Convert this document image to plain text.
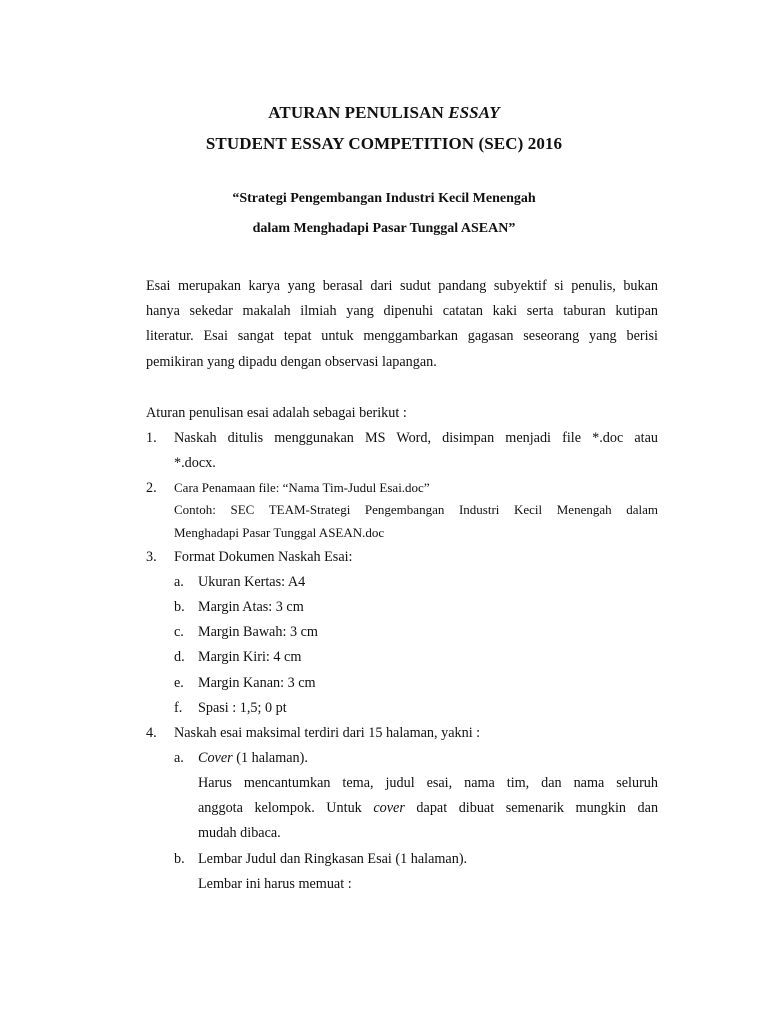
ATURAN PENULISAN ESSAY
STUDENT ESSAY COMPETITION (SEC) 2016
“Strategi Pengembangan Industri Kecil Menengah
dalam Menghadapi Pasar Tunggal ASEAN”
Esai merupakan karya yang berasal dari sudut pandang subyektif si penulis, bukan
hanya sekedar makalah ilmiah yang dipenuhi catatan kaki serta taburan kutipan
literatur. Esai sangat tepat untuk menggambarkan gagasan seseorang yang berisi
pemikiran yang dipadu dengan observasi lapangan.
Aturan penulisan esai adalah sebagai berikut :
1. Naskah ditulis menggunakan MS Word, disimpan menjadi file *.doc atau
*.docx.
2. Cara Penamaan file: “Nama Tim-Judul Esai.doc”
Contoh: SEC TEAM-Strategi Pengembangan Industri Kecil Menengah dalam
Menghadapi Pasar Tunggal ASEAN.doc
3. Format Dokumen Naskah Esai:
a. Ukuran Kertas: A4
b. Margin Atas: 3 cm
c. Margin Bawah: 3 cm
d. Margin Kiri: 4 cm
e. Margin Kanan: 3 cm
f. Spasi : 1,5; 0 pt
4. Naskah esai maksimal terdiri dari 15 halaman, yakni :
a. Cover (1 halaman).
Harus mencantumkan tema, judul esai, nama tim, dan nama seluruh
anggota kelompok. Untuk cover dapat dibuat semenarik mungkin dan
mudah dibaca.
b. Lembar Judul dan Ringkasan Esai (1 halaman).
Lembar ini harus memuat :
